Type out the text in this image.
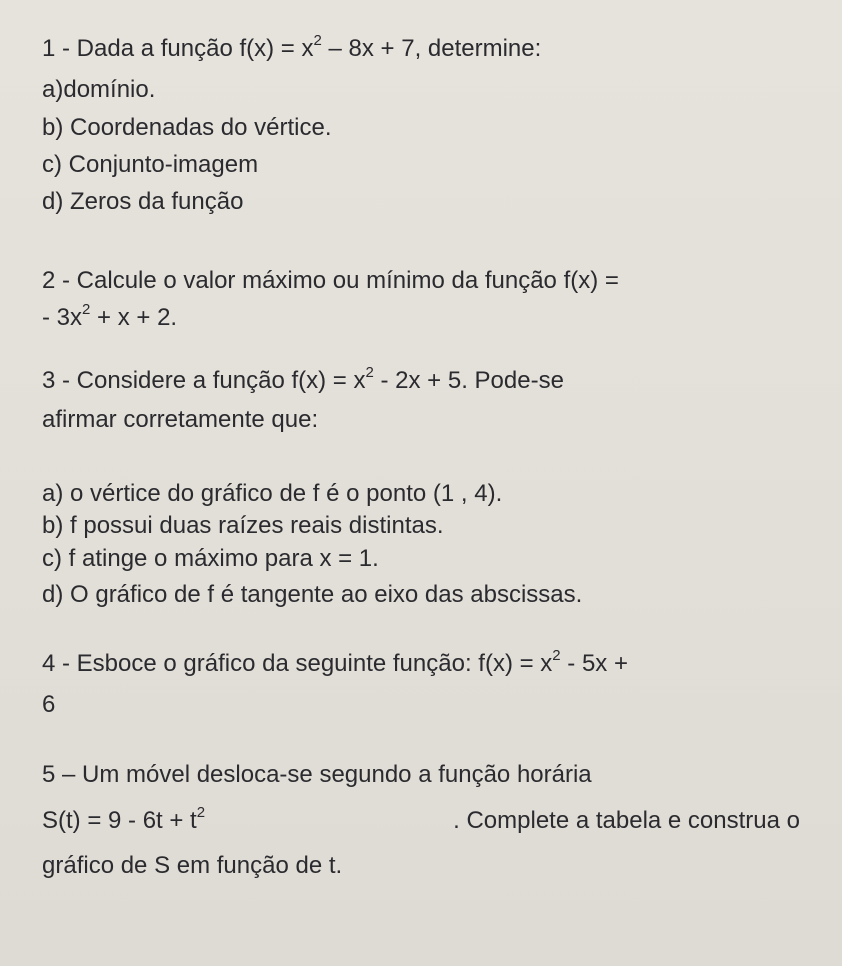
1 - Dada a função $f(x) = x^2 - 8x + 7$, determine:
a)domínio.
b) Coordenadas do vértice.
c) Conjunto-imagem
d) Zeros da função
2 - Calcule o valor máximo ou mínimo da função f(x) =
- $3x^2 + x + 2$.
3 - Considere a função $f(x) = x^2 - 2x + 5$. Pode-se
afirmar corretamente que:
a) o vértice do gráfico de f é o ponto (1 , 4).
b) f possui duas raízes reais distintas.
c) f atinge o máximo para x = 1.
d) O gráfico de f é tangente ao eixo das abscissas.
4 - Esboce o gráfico da seguinte função: $f(x) = x^2 - 5x$ +
6
5 – Um móvel desloca-se segundo a função horária
$S(t) = 9 - 6t + t^2$	. Complete a tabela e construa o
gráfico de S em função de t.
